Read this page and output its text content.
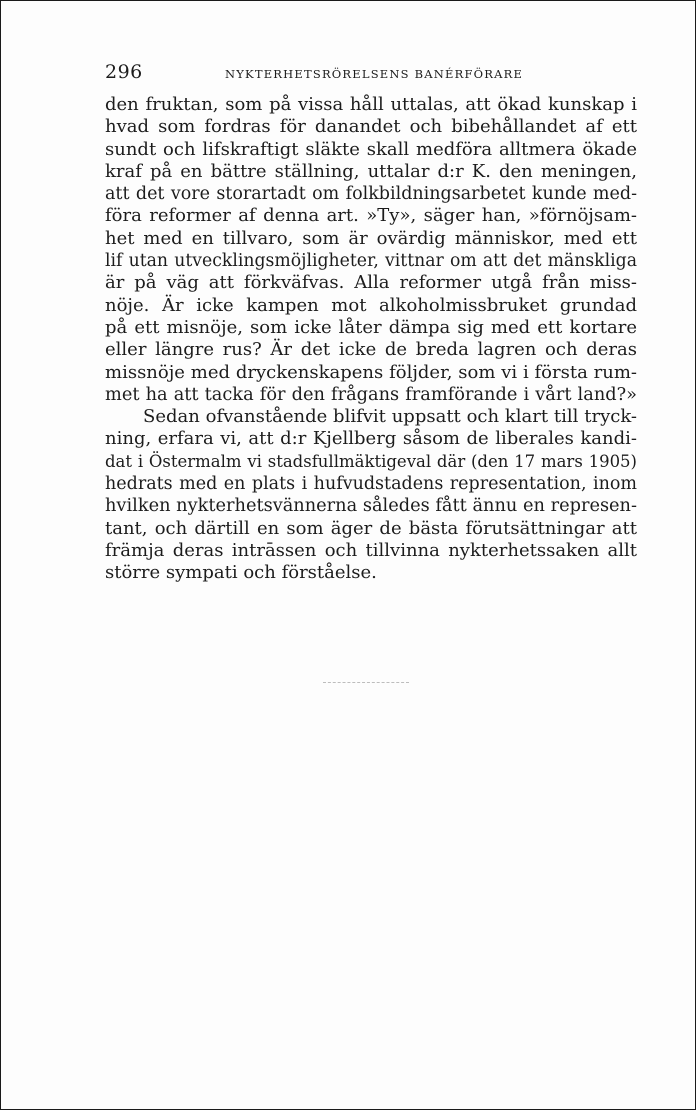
296	NYKTERHETSRÖRELSENS BANÉRFÖRARE
den fruktan, som på vissa håll uttalas, att ökad kunskap i
hvad som fordras för danandet och bibehållandet af ett
sundt och lifskraftigt släkte skall medföra alltmera ökade
kraf på en bättre ställning, uttalar d:r K. den meningen,
att det vore storartadt om folkbildningsarbetet kunde med-
föra reformer af denna art. »Ty», säger han, »förnöjsam-
het med en tillvaro, som är ovärdig människor, med ett
lif utan utvecklingsmöjligheter, vittnar om att det mänskliga
är på väg att förkväfvas. Alla reformer utgå från miss-
nöje. Är icke kampen mot alkoholmissbruket grundad
på ett misnöje, som icke låter dämpa sig med ett kortare
eller längre rus? Är det icke de breda lagren och deras
missnöje med dryckenskapens följder, som vi i första rum-
met ha att tacka för den frågans framförande i vårt land?»
Sedan ofvanstående blifvit uppsatt och klart till tryck-
ning, erfara vi, att d:r Kjellberg såsom de liberales kandi-
dat i Östermalm vi stadsfullmäktigeval där (den 17 mars 1905)
hedrats med en plats i hufvudstadens representation, inom
hvilken nykterhetsvännerna således fått ännu en represen-
tant, och därtill en som äger de bästa förutsättningar att
främja deras intrāssen och tillvinna nykterhetssaken allt
större sympati och förståelse.
